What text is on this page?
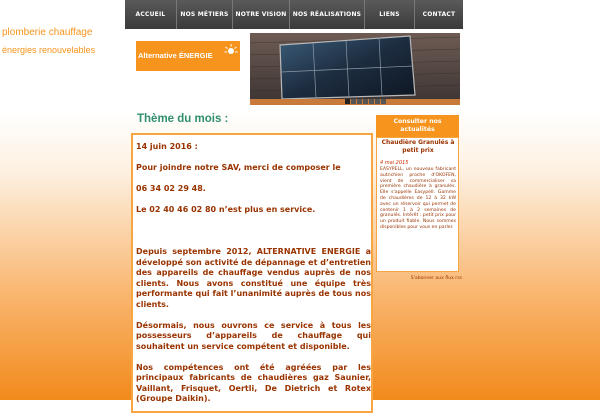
ACCUEIL	NOS MÉTIERS	NOTRE VISION	NOS RÉALISATIONS	LIENS	CONTACT
Alternative ÉNERGIE
plomberie chauffage
énergies renouvelables
Thème du mois :

14 juin 2016 :

Pour joindre notre SAV, merci de composer le

06 34 02 29 48.

Le 02 40 46 02 80 n’est plus en service.

Depuis septembre 2012, ALTERNATIVE ENERGIE a développé son activité de dépannage et d’entretien des appareils de chauffage vendus auprès de nos clients. Nous avons constitué une équipe très performante qui fait l’unanimité auprès de tous nos clients.

Désormais, nous ouvrons ce service à tous les possesseurs d’appareils de chauffage qui souhaitent un service compétent et disponible.

Nos compétences ont été agréées par les principaux fabricants de chaudières gaz Saunier, Vaillant, Frisquet, Oertli, De Dietrich et Rotex (Groupe Daikin).

Consulter nos actualités
Chaudière Granulés à petit prix
4 mai 2015
EASYPELL, un nouveau fabricant autrichien proche d'OKOFEN, vient de commercialiser sa première chaudière à granulés. Elle s'appelle Easypell. Gamme de chaudières de 12 à 32 kW avec un réservoir qui permet de contenir 1 à 2 semaines de granulés. Intérêt : petit prix pour un produit fiable. Nous sommes disponibles pour vous en parler.
S'abonner aux flux rss
